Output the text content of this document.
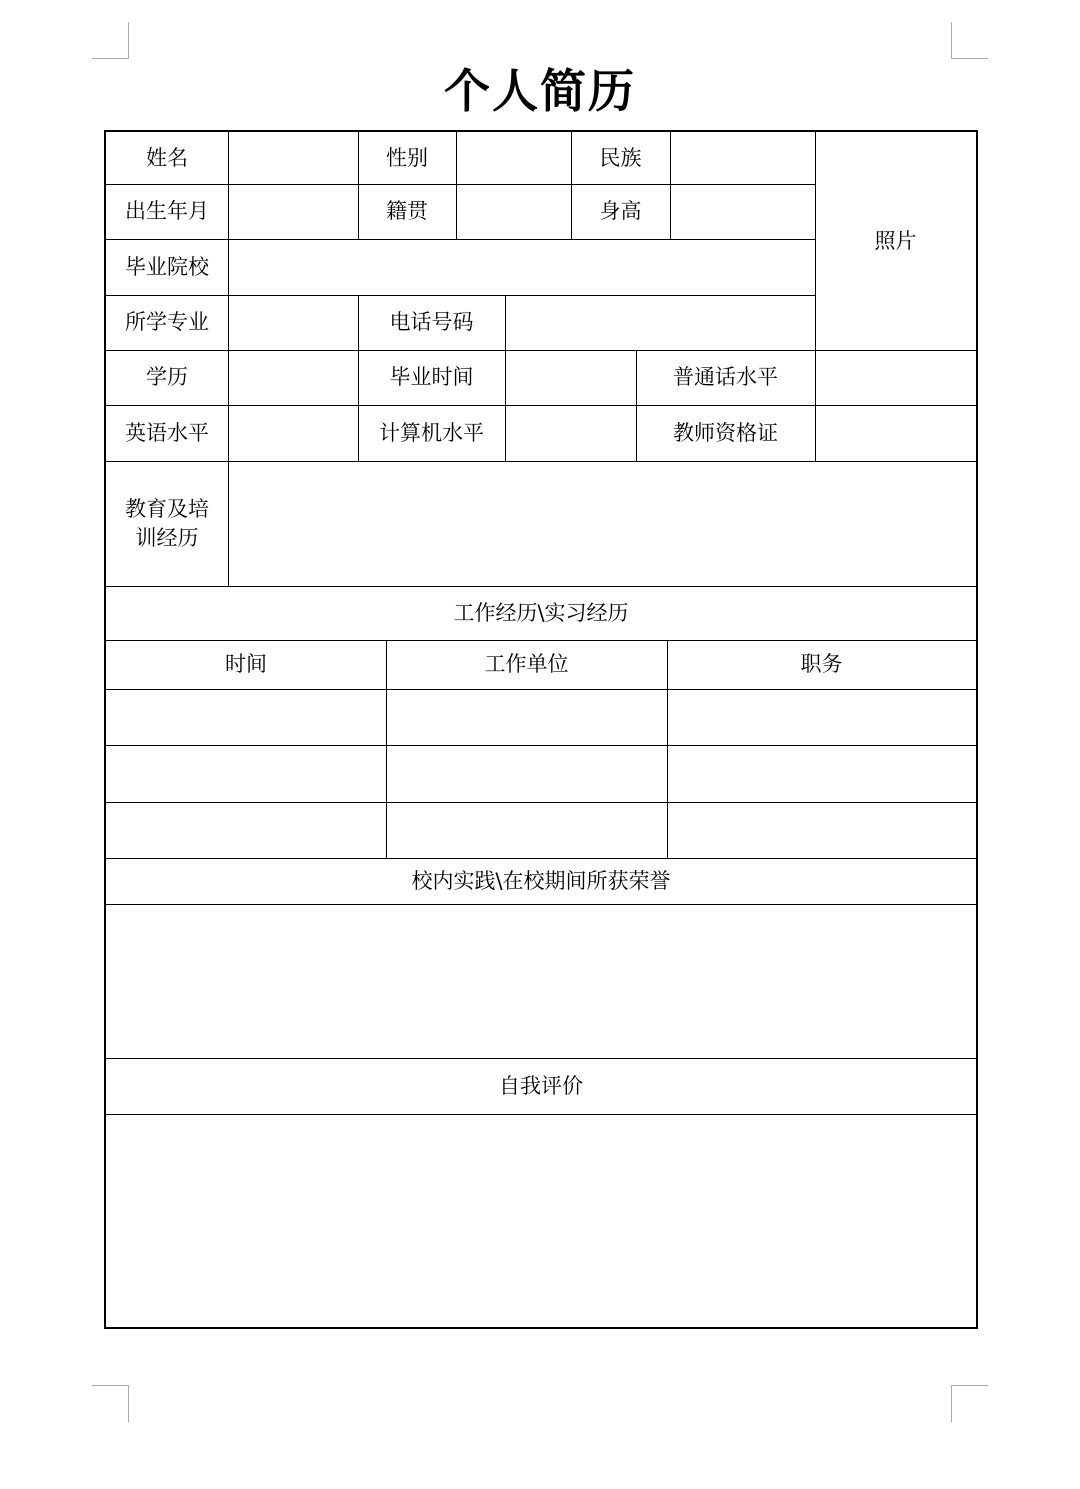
个人简历
姓名	性别	民族
照片
出生年月	籍贯	身高
毕业院校
所学专业	电话号码
学历	毕业时间	普通话水平
英语水平	计算机水平	教师资格证
教育及培
训经历
工作经历\实习经历
时间	工作单位	职务
校内实践\在校期间所获荣誉
自我评价
